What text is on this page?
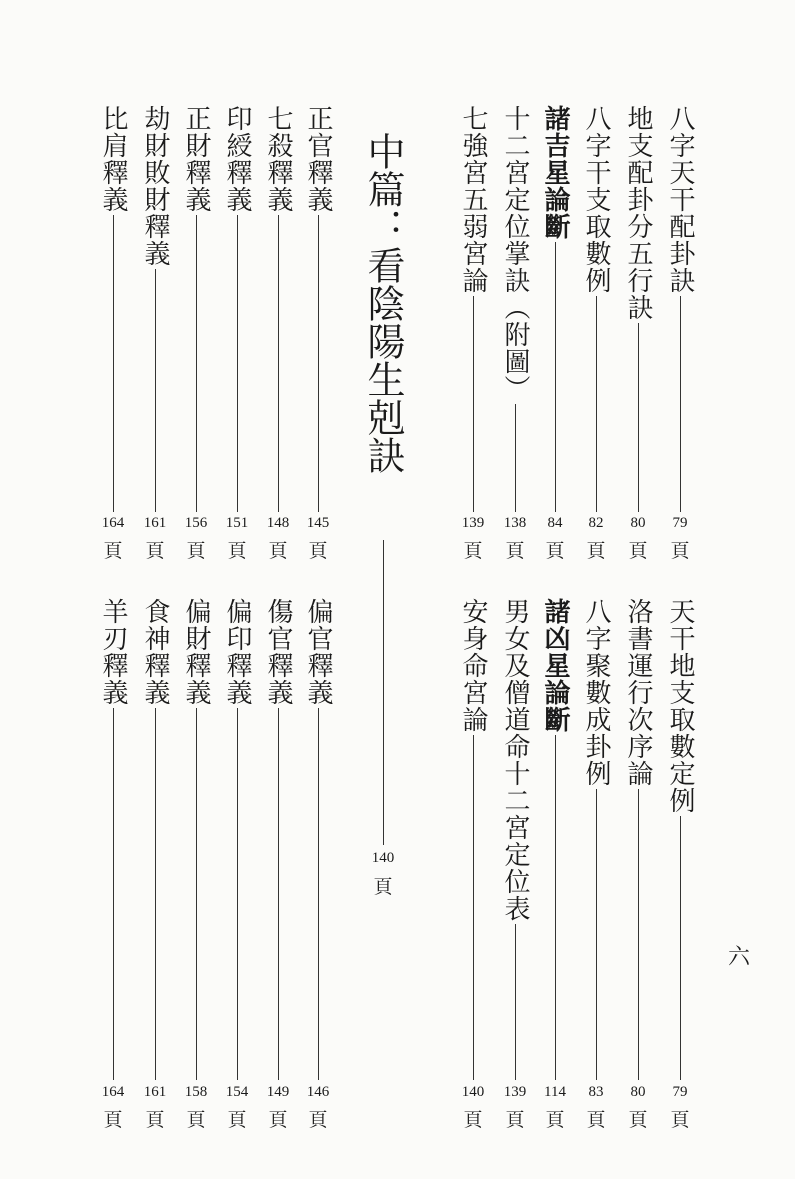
八字天干配卦訣
79
頁
地支配卦分五行訣
80
頁
八字干支取數例
82
頁
諸吉星論斷
84
頁
十二宮定位掌訣（附圖）
138
頁
七強宮五弱宮論
139
頁
正官釋義
145
頁
七殺釋義
148
頁
印綬釋義
151
頁
正財釋義
156
頁
劫財敗財釋義
161
頁
比肩釋義
164
頁
天干地支取數定例
79
頁
洛書運行次序論
80
頁
八字聚數成卦例
83
頁
諸凶星論斷
114
頁
男女及僧道命十二宮定位表
139
頁
安身命宮論
140
頁
偏官釋義
146
頁
傷官釋義
149
頁
偏印釋義
154
頁
偏財釋義
158
頁
食神釋義
161
頁
羊刃釋義
164
頁
中篇：看陰陽生剋訣
140
頁
六
